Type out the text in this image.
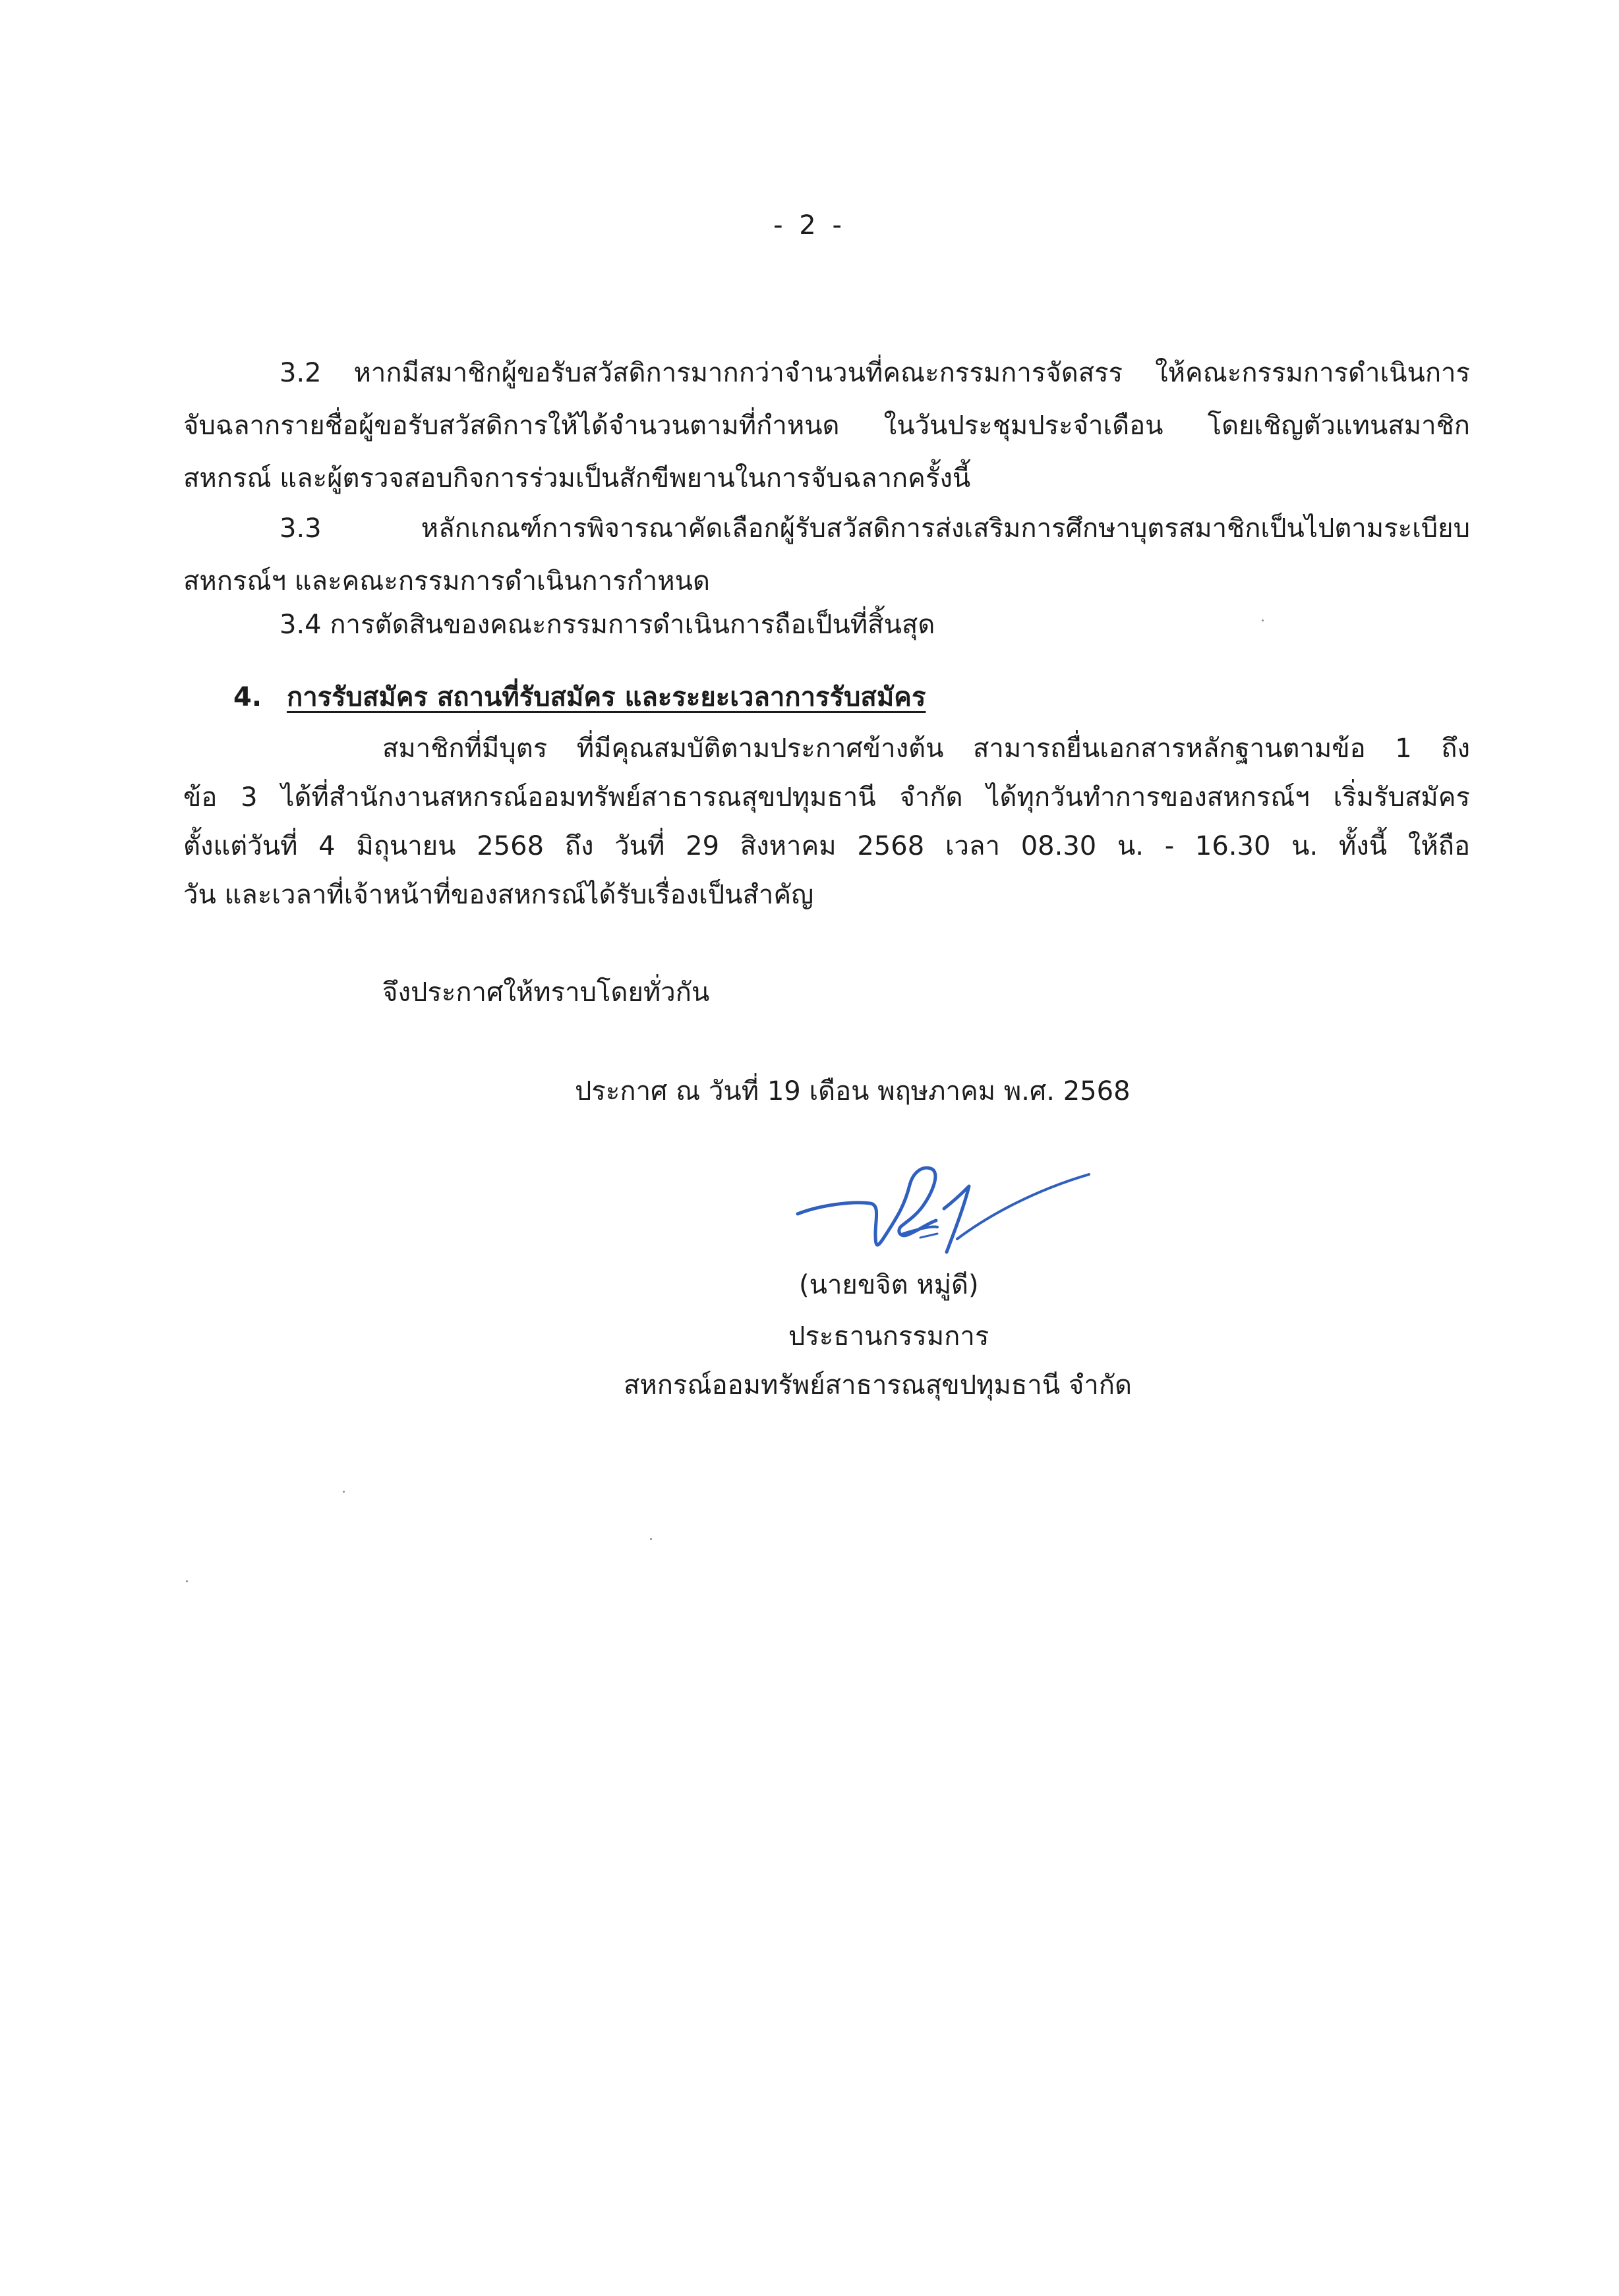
- 2 -
3.2 หากมีสมาชิกผู้ขอรับสวัสดิการมากกว่าจำนวนที่คณะกรรมการจัดสรร ให้คณะกรรมการดำเนินการ
จับฉลากรายชื่อผู้ขอรับสวัสดิการให้ได้จำนวนตามที่กำหนด ในวันประชุมประจำเดือน โดยเชิญตัวแทนสมาชิก
สหกรณ์ และผู้ตรวจสอบกิจการร่วมเป็นสักขีพยานในการจับฉลากครั้งนี้
3.3 หลักเกณฑ์การพิจารณาคัดเลือกผู้รับสวัสดิการส่งเสริมการศึกษาบุตรสมาชิกเป็นไปตามระเบียบ
สหกรณ์ฯ และคณะกรรมการดำเนินการกำหนด
3.4 การตัดสินของคณะกรรมการดำเนินการถือเป็นที่สิ้นสุด
4. การรับสมัคร สถานที่รับสมัคร และระยะเวลาการรับสมัคร
สมาชิกที่มีบุตร ที่มีคุณสมบัติตามประกาศข้างต้น สามารถยื่นเอกสารหลักฐานตามข้อ 1 ถึง
ข้อ 3 ได้ที่สำนักงานสหกรณ์ออมทรัพย์สาธารณสุขปทุมธานี จำกัด ได้ทุกวันทำการของสหกรณ์ฯ เริ่มรับสมัคร
ตั้งแต่วันที่ 4 มิถุนายน 2568 ถึง วันที่ 29 สิงหาคม 2568 เวลา 08.30 น. - 16.30 น. ทั้งนี้ ให้ถือ
วัน และเวลาที่เจ้าหน้าที่ของสหกรณ์ได้รับเรื่องเป็นสำคัญ
จึงประกาศให้ทราบโดยทั่วกัน
ประกาศ ณ วันที่ 19 เดือน พฤษภาคม พ.ศ. 2568
(นายขจิต หมู่ดี)
ประธานกรรมการ
สหกรณ์ออมทรัพย์สาธารณสุขปทุมธานี จำกัด
